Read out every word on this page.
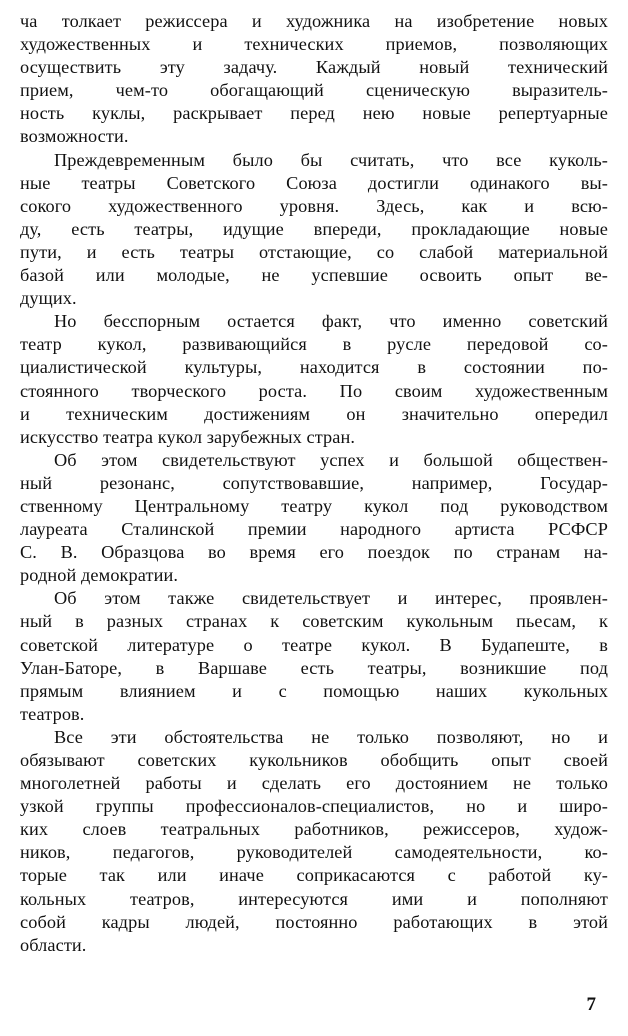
ча толкает режиссера и художника на изобретение новых
художественных и технических приемов, позволяющих
осуществить эту задачу. Каждый новый технический
прием, чем-то обогащающий сценическую выразитель-
ность куклы, раскрывает перед нею новые репертуарные
возможности.
Преждевременным было бы считать, что все куколь-
ные театры Советского Союза достигли одинакого вы-
сокого художественного уровня. Здесь, как и всю-
ду, есть театры, идущие впереди, прокладающие новые
пути, и есть театры отстающие, со слабой материальной
базой или молодые, не успевшие освоить опыт ве-
дущих.
Но бесспорным остается факт, что именно советский
театр кукол, развивающийся в русле передовой со-
циалистической культуры, находится в состоянии по-
стоянного творческого роста. По своим художественным
и техническим достижениям он значительно опередил
искусство театра кукол зарубежных стран.
Об этом свидетельствуют успех и большой обществен-
ный резонанс, сопутствовавшие, например, Государ-
ственному Центральному театру кукол под руководством
лауреата Сталинской премии народного артиста РСФСР
С. В. Образцова во время его поездок по странам на-
родной демократии.
Об этом также свидетельствует и интерес, проявлен-
ный в разных странах к советским кукольным пьесам, к
советской литературе о театре кукол. В Будапеште, в
Улан-Баторе, в Варшаве есть театры, возникшие под
прямым влиянием и с помощью наших кукольных
театров.
Все эти обстоятельства не только позволяют, но и
обязывают советских кукольников обобщить опыт своей
многолетней работы и сделать его достоянием не только
узкой группы профессионалов-специалистов, но и широ-
ких слоев театральных работников, режиссеров, худож-
ников, педагогов, руководителей самодеятельности, ко-
торые так или иначе соприкасаются с работой ку-
кольных театров, интересуются ими и пополняют
собой кадры людей, постоянно работающих в этой
области.
7
